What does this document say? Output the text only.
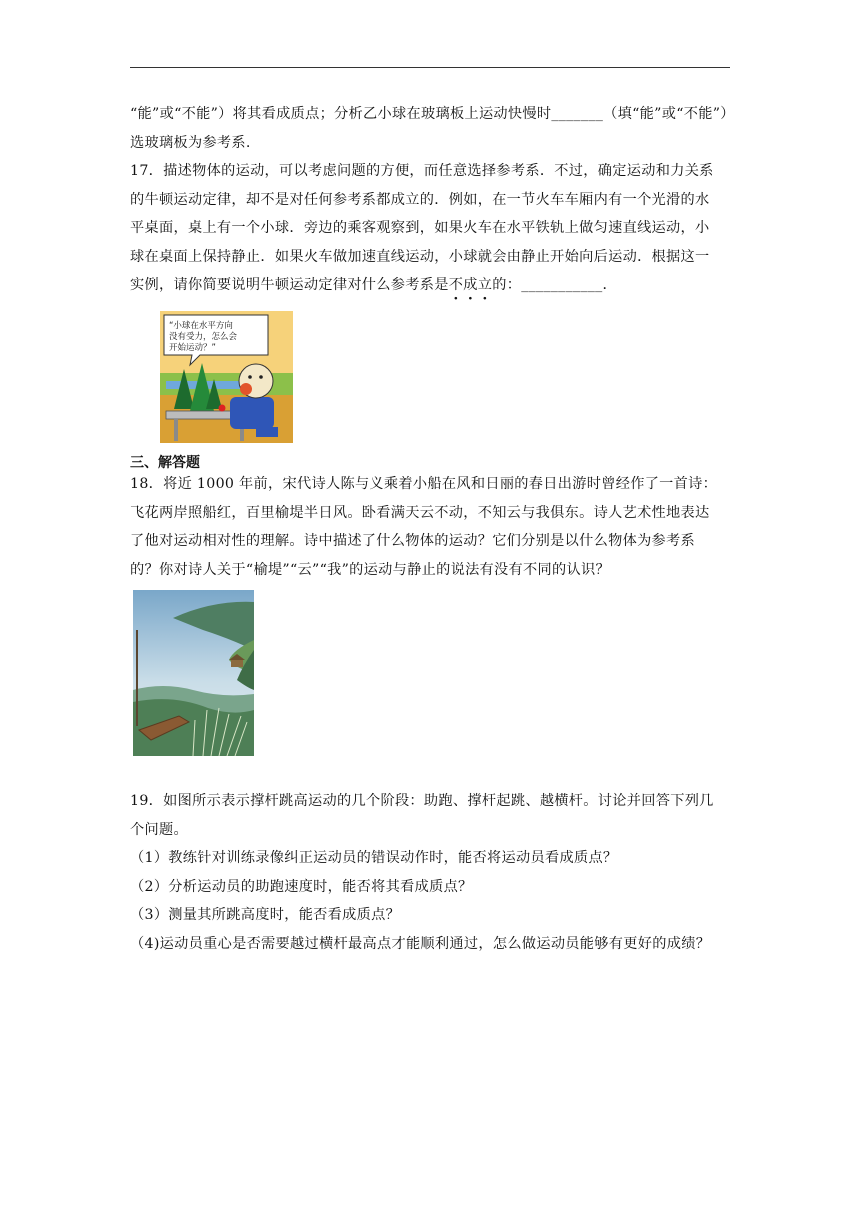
“能”或“不能”）将其看成质点；分析乙小球在玻璃板上运动快慢时_______（填“能”或“不能”）
选玻璃板为参考系.
17．描述物体的运动，可以考虑问题的方便，而任意选择参考系．不过，确定运动和力关系
的牛顿运动定律，却不是对任何参考系都成立的．例如，在一节火车车厢内有一个光滑的水
平桌面，桌上有一个小球．旁边的乘客观察到，如果火车在水平铁轨上做匀速直线运动，小
球在桌面上保持静止．如果火车做加速直线运动，小球就会由静止开始向后运动．根据这一
实例，请你简要说明牛顿运动定律对什么参考系是不成立的：___________．
“小球在水平方向
没有受力，怎么会
开始运动？”
三、解答题
18．将近 1000 年前，宋代诗人陈与义乘着小船在风和日丽的春日出游时曾经作了一首诗：
飞花两岸照船红，百里榆堤半日风。卧看满天云不动，不知云与我俱东。诗人艺术性地表达
了他对运动相对性的理解。诗中描述了什么物体的运动？它们分别是以什么物体为参考系
的？你对诗人关于“榆堤”“云”“我”的运动与静止的说法有没有不同的认识？
19．如图所示表示撑杆跳高运动的几个阶段：助跑、撑杆起跳、越横杆。讨论并回答下列几
个问题。
（1）教练针对训练录像纠正运动员的错误动作时，能否将运动员看成质点？
（2）分析运动员的助跑速度时，能否将其看成质点？
（3）测量其所跳高度时，能否看成质点？
（4)运动员重心是否需要越过横杆最高点才能顺利通过，怎么做运动员能够有更好的成绩？
